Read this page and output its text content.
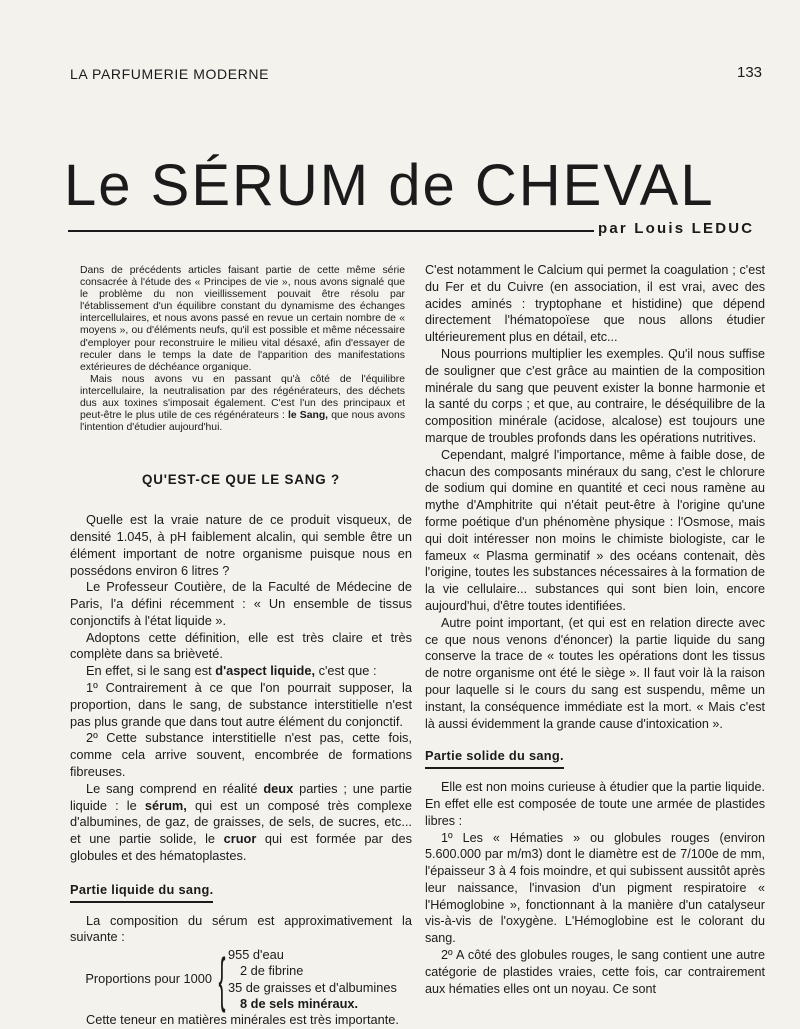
LA PARFUMERIE MODERNE	133
Le SÉRUM de CHEVAL
par Louis LEDUC

Dans de précédents articles faisant partie de cette même série consacrée à l'étude des « Principes de vie », nous avons signalé que le problème du non vieillissement pouvait être résolu par l'établissement d'un équilibre constant du dynamisme des échanges intercellulaires, et nous avons passé en revue un certain nombre de « moyens », ou d'éléments neufs, qu'il est possible et même nécessaire d'employer pour reconstruire le milieu vital désaxé, afin d'essayer de reculer dans le temps la date de l'apparition des manifestations extérieures de déchéance organique.

Mais nous avons vu en passant qu'à côté de l'équilibre intercellulaire, la neutralisation par des régénérateurs, des déchets dus aux toxines s'imposait également. C'est l'un des principaux et peut-être le plus utile de ces régénérateurs : le Sang, que nous avons l'intention d'étudier aujourd'hui.

QU'EST-CE QUE LE SANG ?

Quelle est la vraie nature de ce produit visqueux, de densité 1.045, à pH faiblement alcalin, qui semble être un élément important de notre organisme puisque nous en possédons environ 6 litres ?

Le Professeur Coutière, de la Faculté de Médecine de Paris, l'a défini récemment : « Un ensemble de tissus conjonctifs à l'état liquide ».

Adoptons cette définition, elle est très claire et très complète dans sa brièveté.

En effet, si le sang est d'aspect liquide, c'est que :

1º Contrairement à ce que l'on pourrait supposer, la proportion, dans le sang, de substance interstitielle n'est pas plus grande que dans tout autre élément du conjonctif.

2º Cette substance interstitielle n'est pas, cette fois, comme cela arrive souvent, encombrée de formations fibreuses.

Le sang comprend en réalité deux parties ; une partie liquide : le sérum, qui est un composé très complexe d'albumines, de gaz, de graisses, de sels, de sucres, etc... et une partie solide, le cruor qui est formée par des globules et des hématoplastes.

Partie liquide du sang.

La composition du sérum est approximativement la suivante :

Proportions pour 1000 { 955 d'eau
2 de fibrine
35 de graisses et d'albumines
8 de sels minéraux.

Cette teneur en matières minérales est très importante.

C'est notamment le Calcium qui permet la coagulation ; c'est du Fer et du Cuivre (en association, il est vrai, avec des acides aminés : tryptophane et histidine) que dépend directement l'hématopoïese que nous allons étudier ultérieurement plus en détail, etc...

Nous pourrions multiplier les exemples. Qu'il nous suffise de souligner que c'est grâce au maintien de la composition minérale du sang que peuvent exister la bonne harmonie et la santé du corps ; et que, au contraire, le déséquilibre de la composition minérale (acidose, alcalose) est toujours une marque de troubles profonds dans les opérations nutritives.

Cependant, malgré l'importance, même à faible dose, de chacun des composants minéraux du sang, c'est le chlorure de sodium qui domine en quantité et ceci nous ramène au mythe d'Amphitrite qui n'était peut-être à l'origine qu'une forme poétique d'un phénomène physique : l'Osmose, mais qui doit intéresser non moins le chimiste biologiste, car le fameux « Plasma germinatif » des océans contenait, dès l'origine, toutes les substances nécessaires à la formation de la vie cellulaire... substances qui sont bien loin, encore aujourd'hui, d'être toutes identifiées.

Autre point important, (et qui est en relation directe avec ce que nous venons d'énoncer) la partie liquide du sang conserve la trace de « toutes les opérations dont les tissus de notre organisme ont été le siège ». Il faut voir là la raison pour laquelle si le cours du sang est suspendu, même un instant, la conséquence immédiate est la mort. « Mais c'est là aussi évidemment la grande cause d'intoxication ».

Partie solide du sang.

Elle est non moins curieuse à étudier que la partie liquide. En effet elle est composée de toute une armée de plastides libres :

1º Les « Hématies » ou globules rouges (environ 5.600.000 par m/m3) dont le diamètre est de 7/100e de mm, l'épaisseur 3 à 4 fois moindre, et qui subissent aussitôt après leur naissance, l'invasion d'un pigment respiratoire « l'Hémoglobine », fonctionnant à la manière d'un catalyseur vis-à-vis de l'oxygène. L'Hémoglobine est le colorant du sang.

2º A côté des globules rouges, le sang contient une autre catégorie de plastides vraies, cette fois, car contrairement aux hématies elles ont un noyau. Ce sont
